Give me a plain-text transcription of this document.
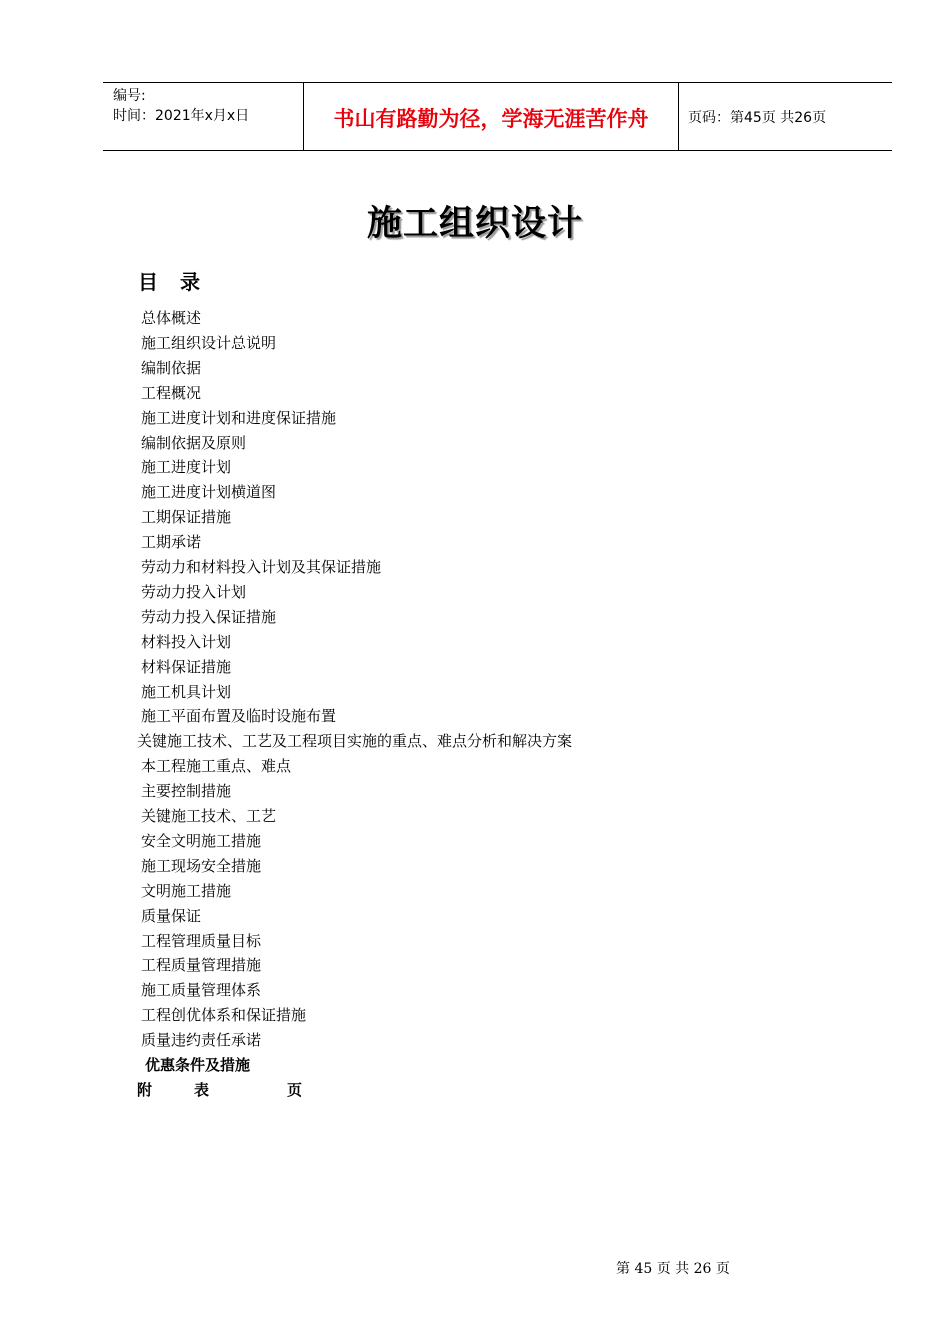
编号:
时间：2021年x月x日	书山有路勤为径，学海无涯苦作舟	页码：第45页 共26页
施工组织设计
目 录
总体概述
施工组织设计总说明
编制依据
工程概况
施工进度计划和进度保证措施
编制依据及原则
施工进度计划
施工进度计划横道图
工期保证措施
工期承诺
劳动力和材料投入计划及其保证措施
劳动力投入计划
劳动力投入保证措施
材料投入计划
材料保证措施
施工机具计划
施工平面布置及临时设施布置
关键施工技术、工艺及工程项目实施的重点、难点分析和解决方案
本工程施工重点、难点
主要控制措施
关键施工技术、工艺
安全文明施工措施
施工现场安全措施
文明施工措施
质量保证
工程管理质量目标
工程质量管理措施
施工质量管理体系
工程创优体系和保证措施
质量违约责任承诺
优惠条件及措施
附	表	页
第 45 页 共 26 页
